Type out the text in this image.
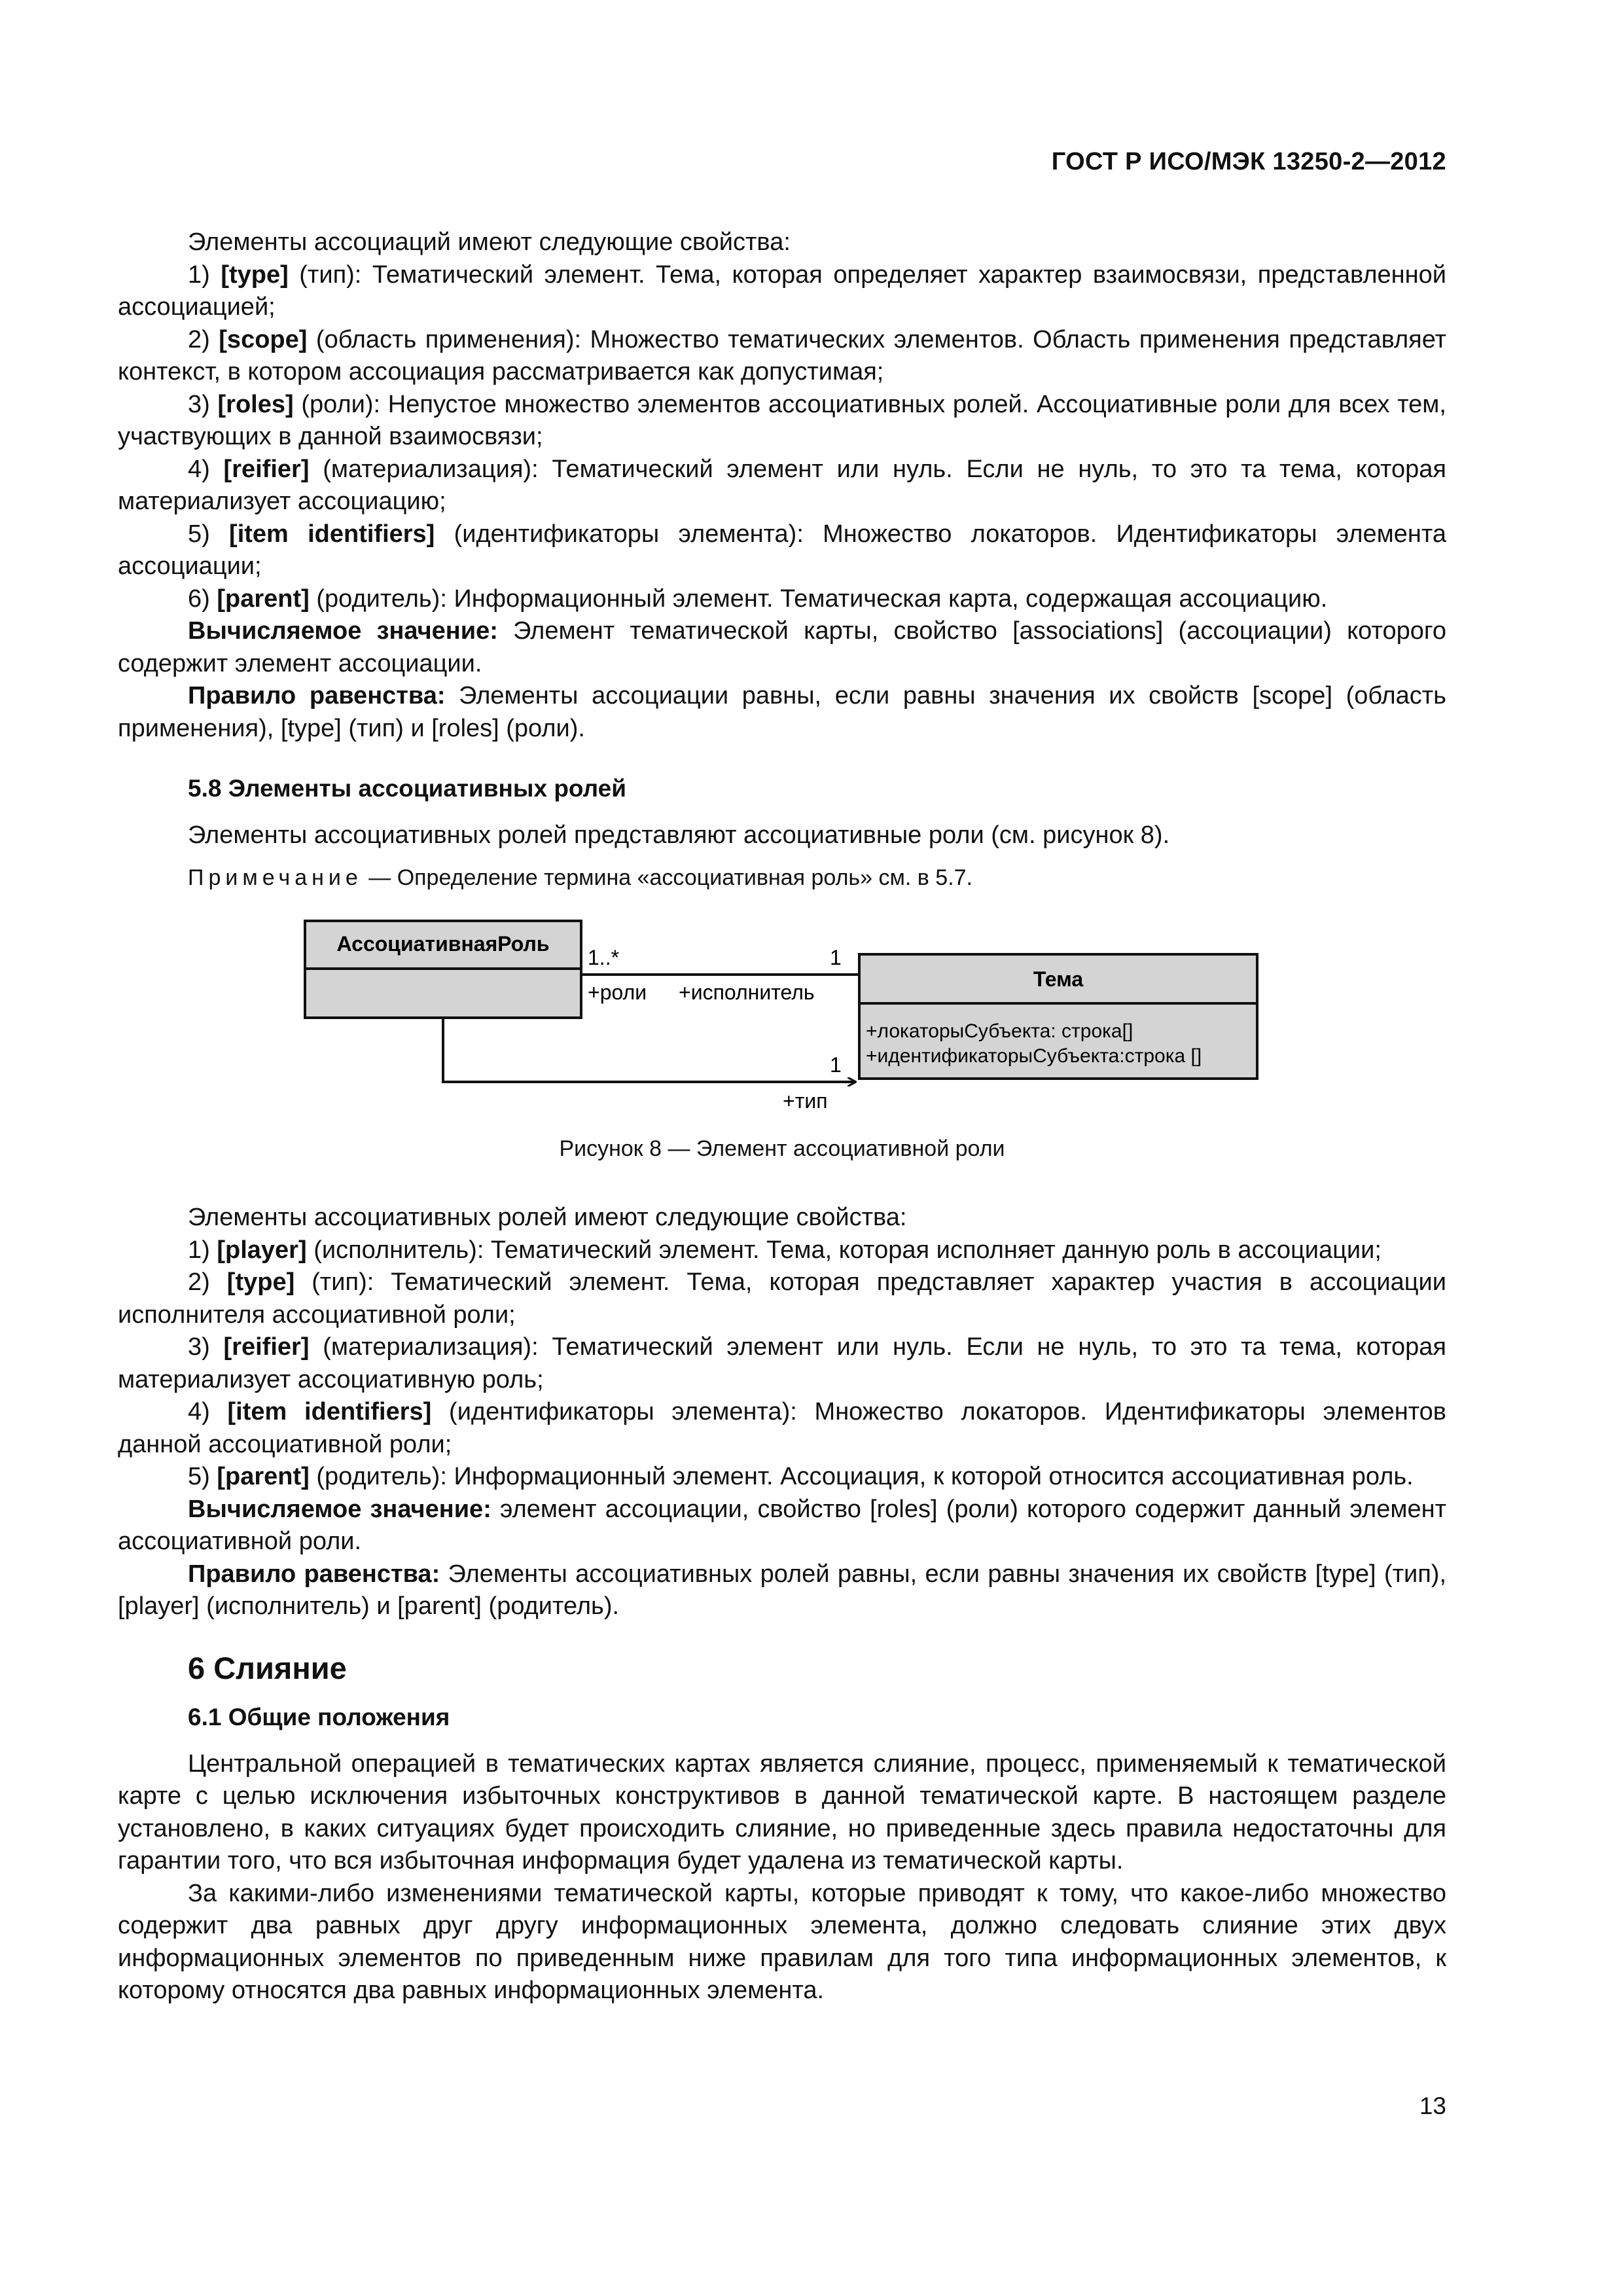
ГОСТ Р ИСО/МЭК 13250-2—2012

Элементы ассоциаций имеют следующие свойства:

1) [type] (тип): Тематический элемент. Тема, которая определяет характер взаимосвязи, представленной ассоциацией;

2) [scope] (область применения): Множество тематических элементов. Область применения представляет контекст, в котором ассоциация рассматривается как допустимая;

3) [roles] (роли): Непустое множество элементов ассоциативных ролей. Ассоциативные роли для всех тем, участвующих в данной взаимосвязи;

4) [reifier] (материализация): Тематический элемент или нуль. Если не нуль, то это та тема, которая материализует ассоциацию;

5) [item identifiers] (идентификаторы элемента): Множество локаторов. Идентификаторы элемента ассоциации;

6) [parent] (родитель): Информационный элемент. Тематическая карта, содержащая ассоциацию.

Вычисляемое значение: Элемент тематической карты, свойство [associations] (ассоциации) которого содержит элемент ассоциации.

Правило равенства: Элементы ассоциации равны, если равны значения их свойств [scope] (область применения), [type] (тип) и [roles] (роли).

5.8 Элементы ассоциативных ролей

Элементы ассоциативных ролей представляют ассоциативные роли (см. рисунок 8).

Примечание — Определение термина «ассоциативная роль» см. в 5.7.

АссоциативнаяРоль
Тема
+локаторыСубъекта: строка[]
+идентификаторыСубъекта:строка []
1..*	1
+роли +исполнитель
1
+тип
Рисунок 8 — Элемент ассоциативной роли

Элементы ассоциативных ролей имеют следующие свойства:

1) [player] (исполнитель): Тематический элемент. Тема, которая исполняет данную роль в ассоциации;

2) [type] (тип): Тематический элемент. Тема, которая представляет характер участия в ассоциации исполнителя ассоциативной роли;

3) [reifier] (материализация): Тематический элемент или нуль. Если не нуль, то это та тема, которая материализует ассоциативную роль;

4) [item identifiers] (идентификаторы элемента): Множество локаторов. Идентификаторы элементов данной ассоциативной роли;

5) [parent] (родитель): Информационный элемент. Ассоциация, к которой относится ассоциативная роль.

Вычисляемое значение: элемент ассоциации, свойство [roles] (роли) которого содержит данный элемент ассоциативной роли.

Правило равенства: Элементы ассоциативных ролей равны, если равны значения их свойств [type] (тип), [player] (исполнитель) и [parent] (родитель).

6 Слияние
6.1 Общие положения

Центральной операцией в тематических картах является слияние, процесс, применяемый к тематической карте с целью исключения избыточных конструктивов в данной тематической карте. В настоящем разделе установлено, в каких ситуациях будет происходить слияние, но приведенные здесь правила недостаточны для гарантии того, что вся избыточная информация будет удалена из тематической карты.

За какими-либо изменениями тематической карты, которые приводят к тому, что какое-либо множество содержит два равных друг другу информационных элемента, должно следовать слияние этих двух информационных элементов по приведенным ниже правилам для того типа информационных элементов, к которому относятся два равных информационных элемента.

13
